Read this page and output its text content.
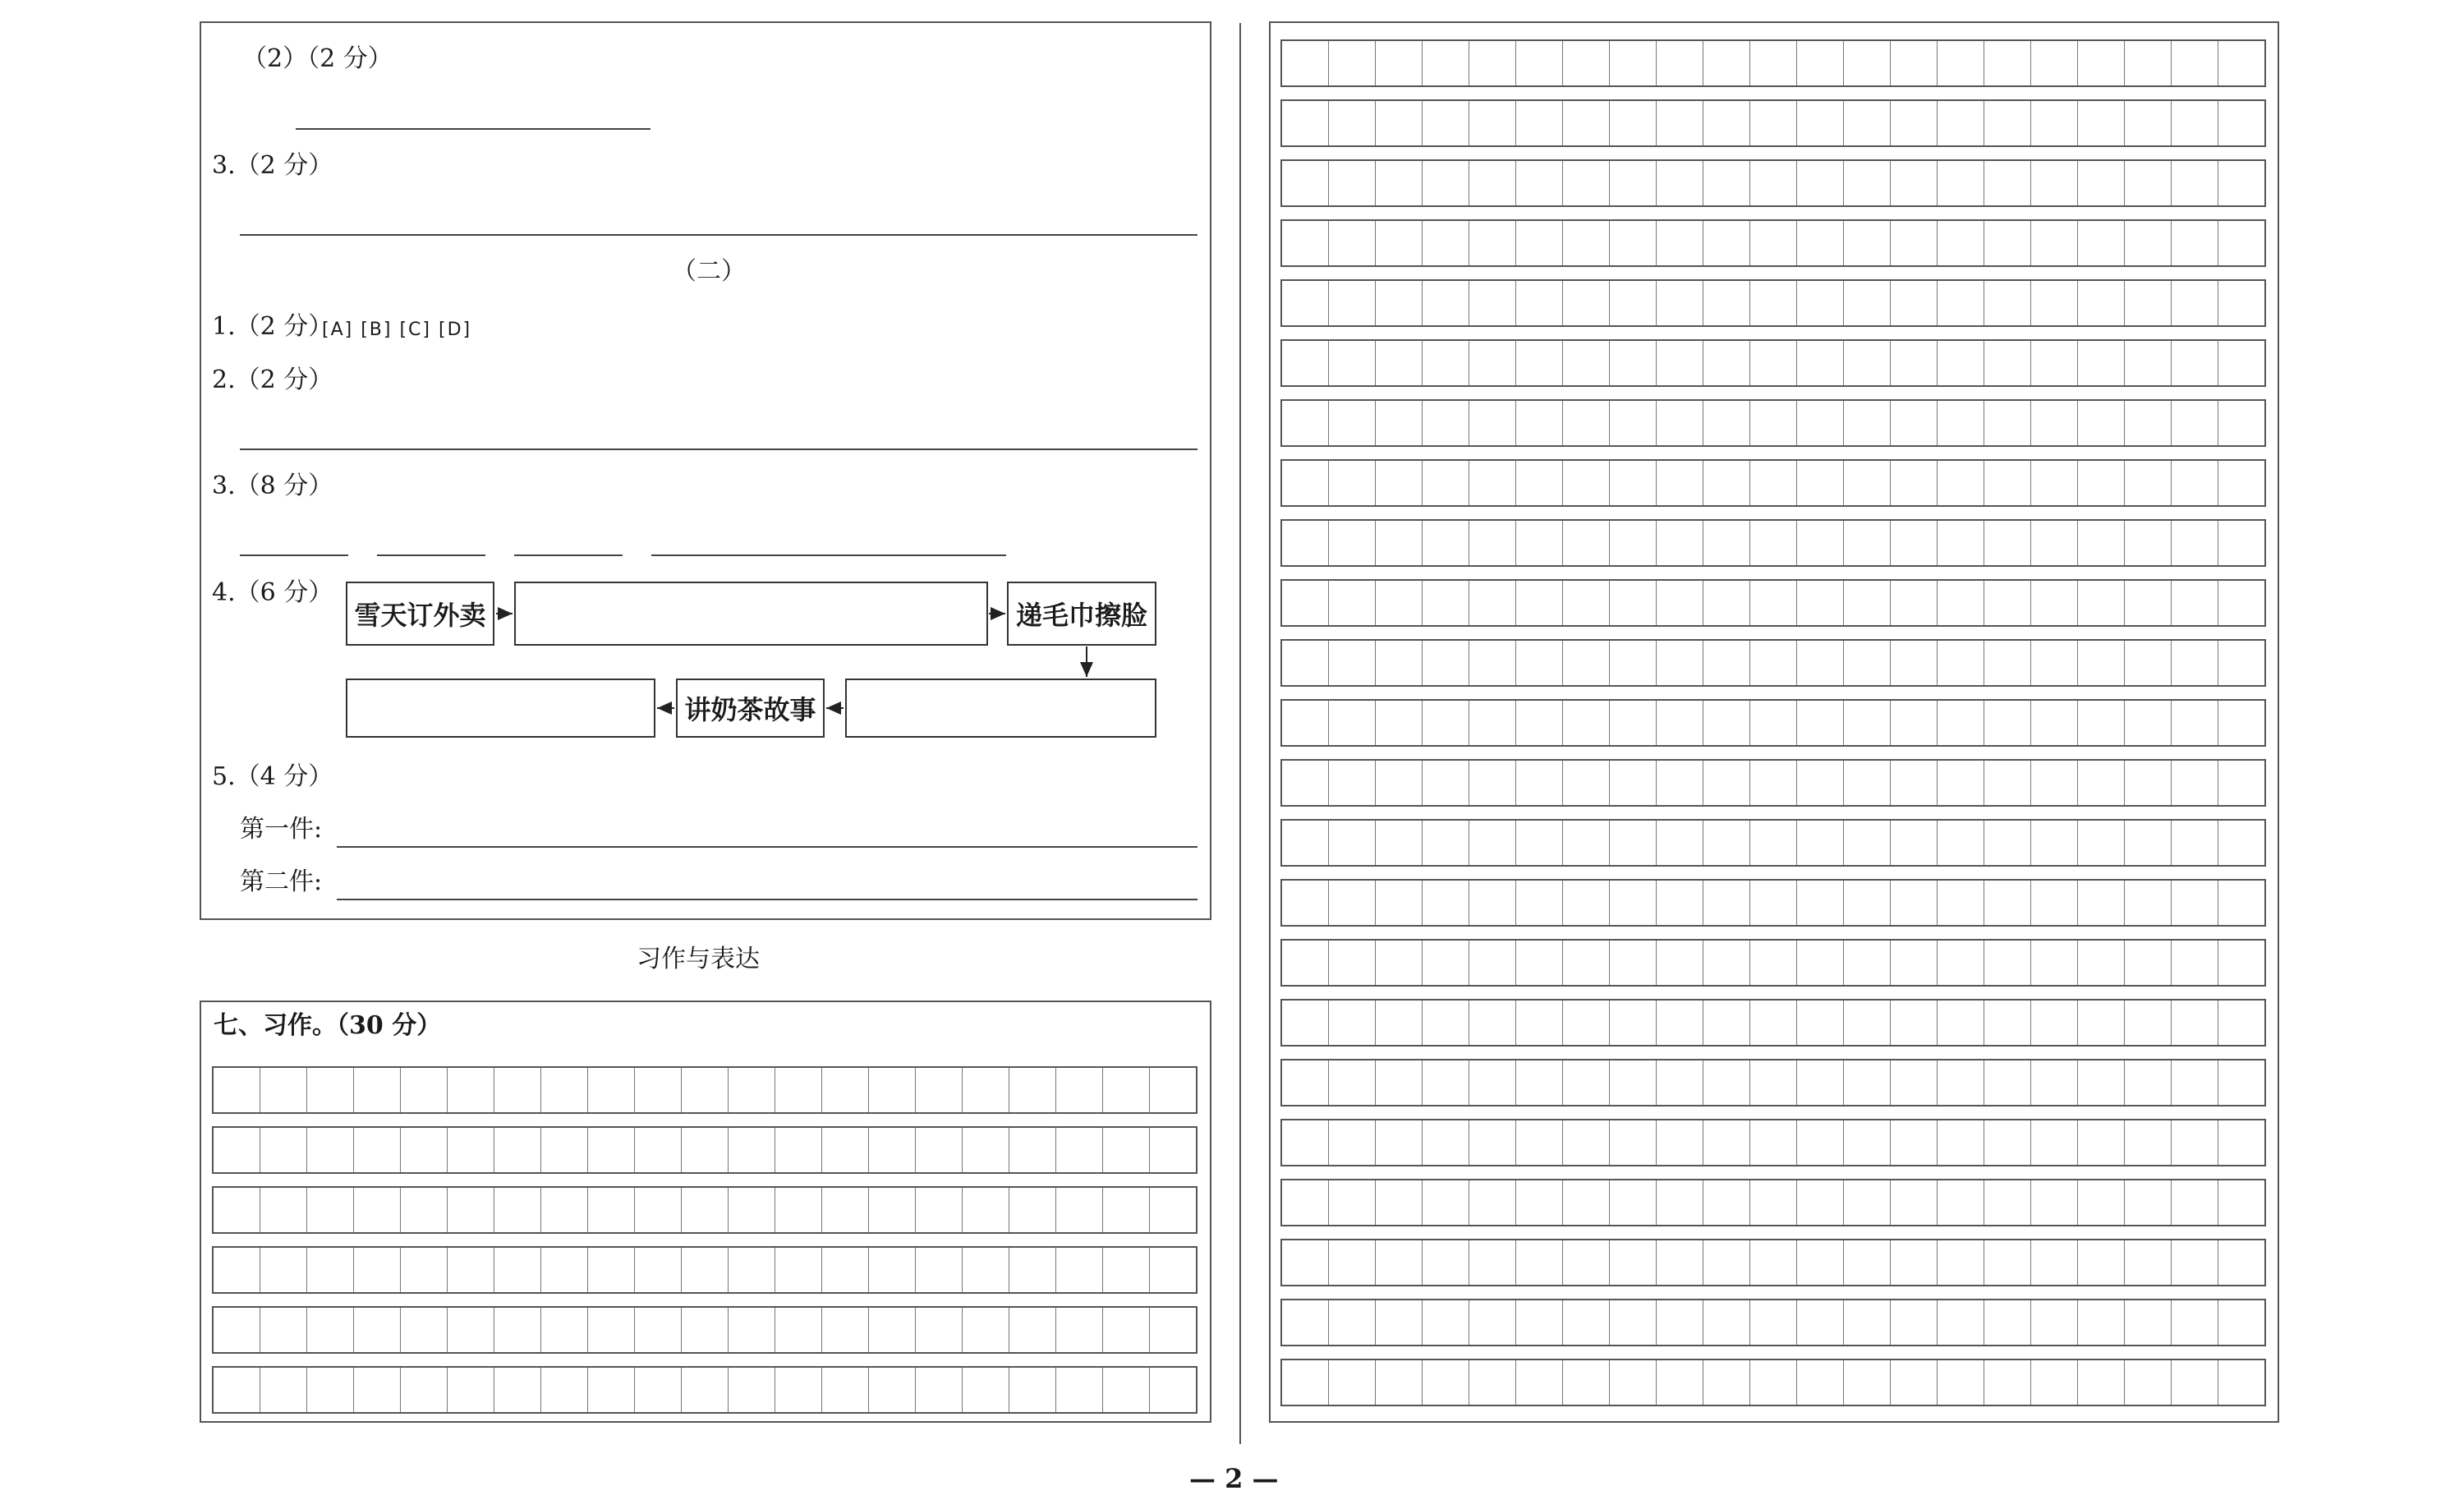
（2）（2 分）
3.（2 分）
（二）
1.（2 分）
[A] [B] [C] [D]
2.（2 分）
3.（8 分）
4.（6 分）
雪天订外卖	递毛巾擦脸
讲奶茶故事
5.（4 分）
第一件:
第二件:
习作与表达
七、习作。（30 分）
— 2 —
